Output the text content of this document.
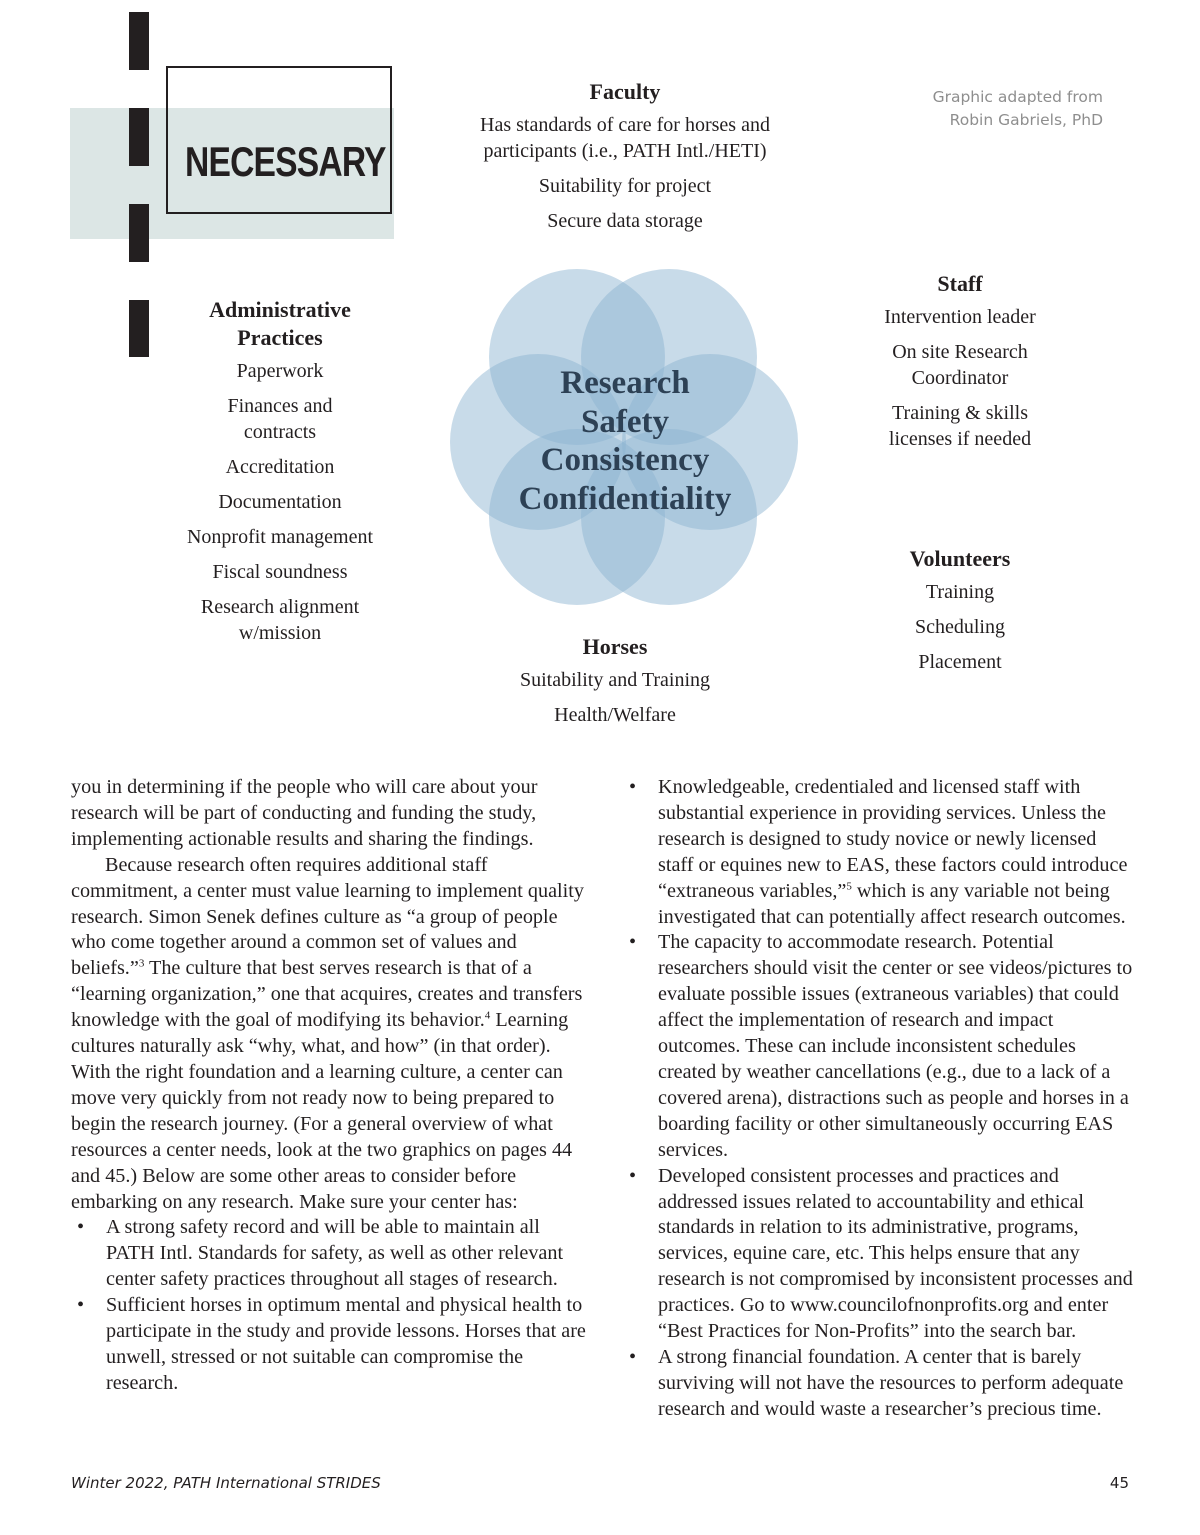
NECESSARY
Graphic adapted from
Robin Gabriels, PhD
Faculty
Has standards of care for horses and
participants (i.e., PATH Intl./HETI)
Suitability for project
Secure data storage
Administrative
Practices
Paperwork
Finances and
contracts
Accreditation
Documentation
Nonprofit management
Fiscal soundness
Research alignment
w/mission
Staff
Intervention leader
On site Research
Coordinator
Training & skills
licenses if needed
Volunteers
Training
Scheduling
Placement
Horses
Suitability and Training
Health/Welfare
Research
Safety
Consistency
Confidentiality

you in determining if the people who will care about your research will be part of conducting and funding the study, implementing actionable results and sharing the findings.

Because research often requires additional staff commitment, a center must value learning to implement quality research. Simon Senek defines culture as “a group of people who come together around a common set of values and beliefs.”$^3$ The culture that best serves research is that of a “learning organization,” one that acquires, creates and transfers knowledge with the goal of modifying its behavior.$^4$ Learning cultures naturally ask “why, what, and how” (in that order). With the right foundation and a learning culture, a center can move very quickly from not ready now to being prepared to begin the research journey. (For a general overview of what resources a center needs, look at the two graphics on pages 44 and 45.) Below are some other areas to consider before embarking on any research. Make sure your center has:

• A strong safety record and will be able to maintain all PATH Intl. Standards for safety, as well as other relevant center safety practices throughout all stages of research.
• Sufficient horses in optimum mental and physical health to participate in the study and provide lessons. Horses that are unwell, stressed or not suitable can compromise the research.
• Knowledgeable, credentialed and licensed staff with substantial experience in providing services. Unless the research is designed to study novice or newly licensed staff or equines new to EAS, these factors could introduce “extraneous variables,”$^5$ which is any variable not being investigated that can potentially affect research outcomes.
• The capacity to accommodate research. Potential researchers should visit the center or see videos/pictures to evaluate possible issues (extraneous variables) that could affect the implementation of research and impact outcomes. These can include inconsistent schedules created by weather cancellations (e.g., due to a lack of a covered arena), distractions such as people and horses in a boarding facility or other simultaneously occurring EAS services.
• Developed consistent processes and practices and addressed issues related to accountability and ethical standards in relation to its administrative, programs, services, equine care, etc. This helps ensure that any research is not compromised by inconsistent processes and practices. Go to www.councilofnonprofits.org and enter “Best Practices for Non-Profits” into the search bar.
• A strong financial foundation. A center that is barely surviving will not have the resources to perform adequate research and would waste a researcher’s precious time.
Winter 2022, PATH International STRIDES	45
